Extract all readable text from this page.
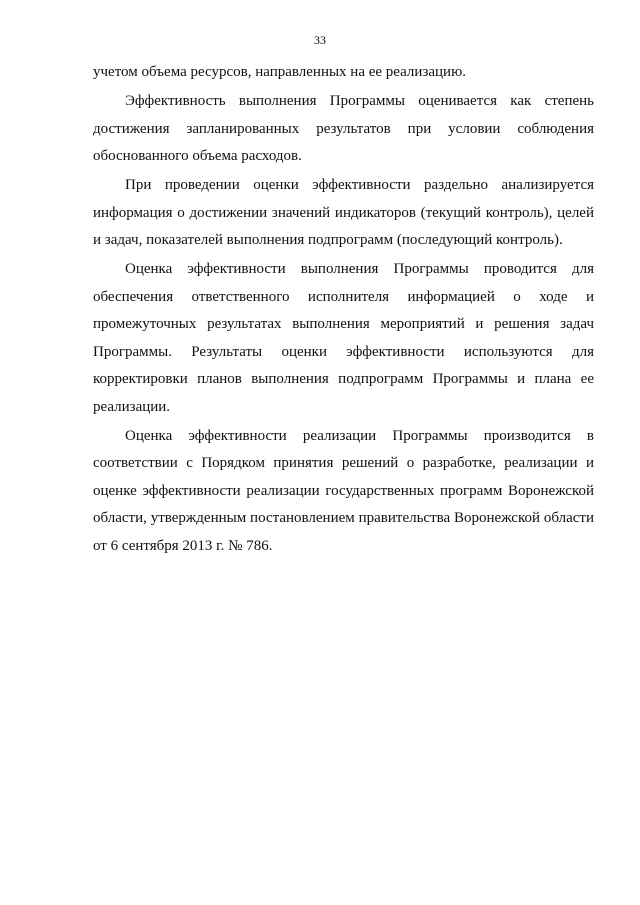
33

учетом объема ресурсов, направленных на ее реализацию.

Эффективность выполнения Программы оценивается как степень достижения запланированных результатов при условии соблюдения обоснованного объема расходов.

При проведении оценки эффективности раздельно анализируется информация о достижении значений индикаторов (текущий контроль), целей и задач, показателей выполнения подпрограмм (последующий контроль).

Оценка эффективности выполнения Программы проводится для обеспечения ответственного исполнителя информацией о ходе и промежуточных результатах выполнения мероприятий и решения задач Программы. Результаты оценки эффективности используются для корректировки планов выполнения подпрограмм Программы и плана ее реализации.

Оценка эффективности реализации Программы производится в соответствии с Порядком принятия решений о разработке, реализации и оценке эффективности реализации государственных программ Воронежской области, утвержденным постановлением правительства Воронежской области от 6 сентября 2013 г. № 786.
